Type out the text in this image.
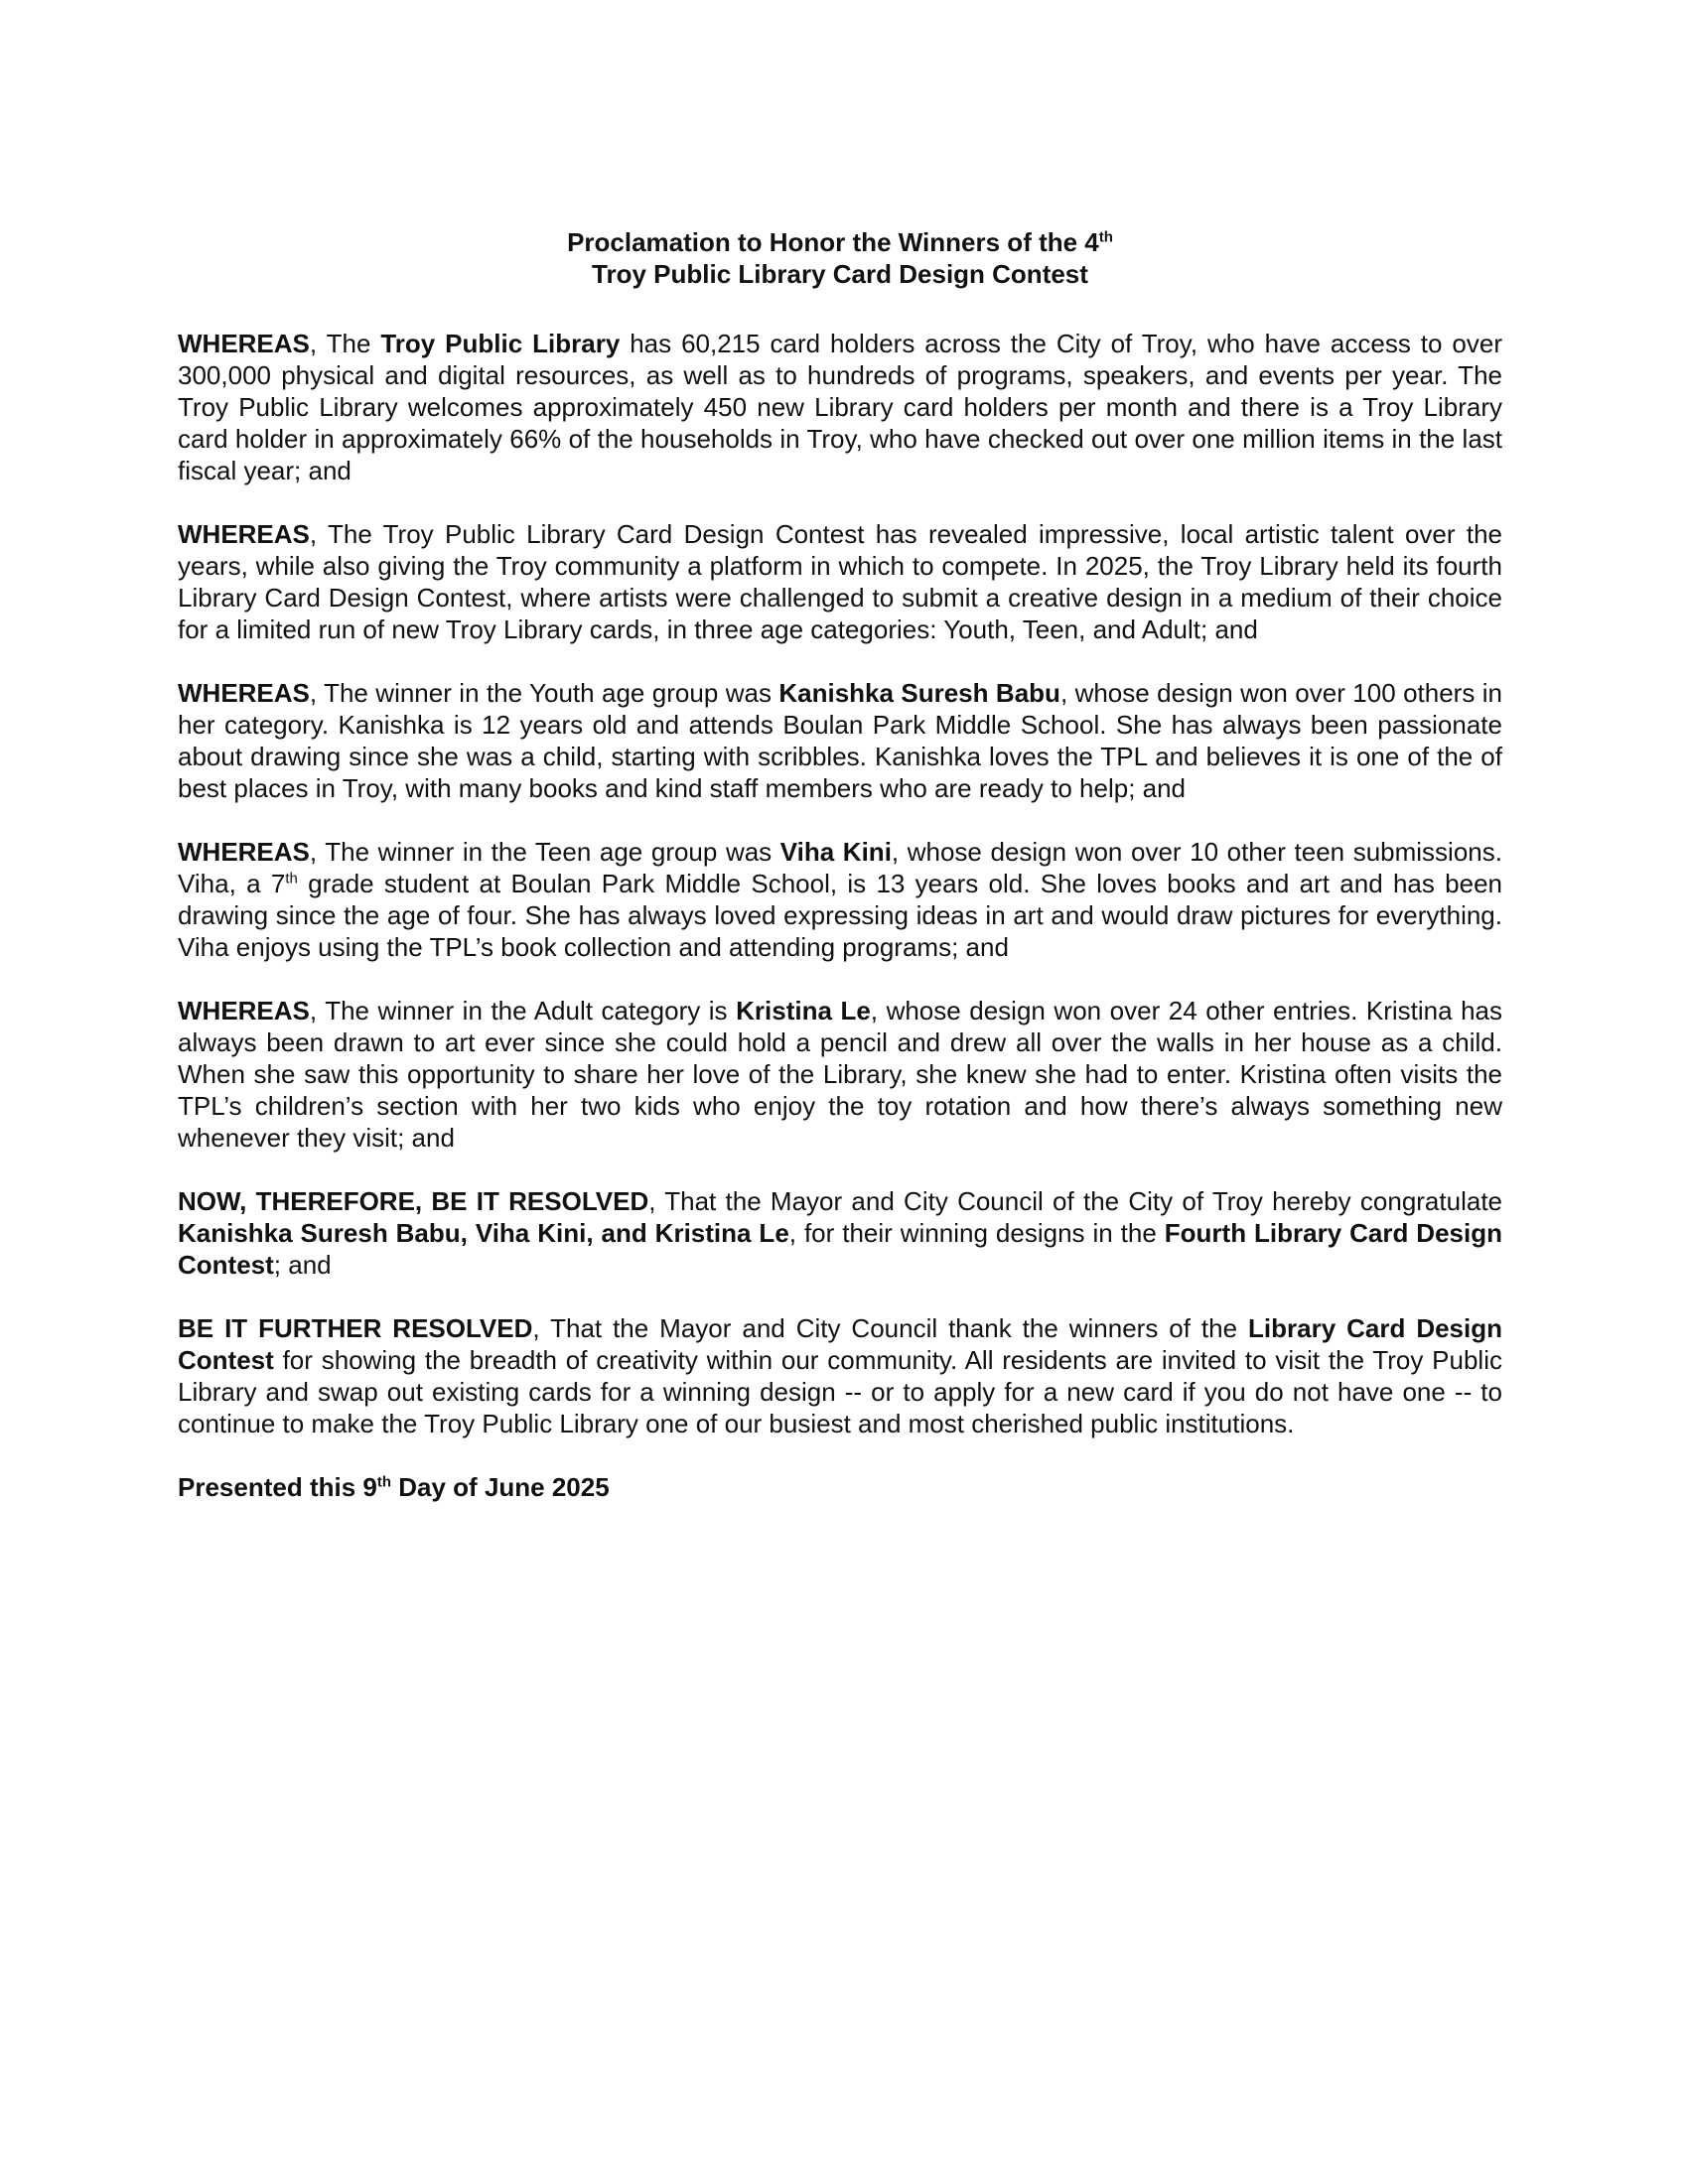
Proclamation to Honor the Winners of the 4th
Troy Public Library Card Design Contest

WHEREAS, The Troy Public Library has 60,215 card holders across the City of Troy, who have access to over 300,000 physical and digital resources, as well as to hundreds of programs, speakers, and events per year. The Troy Public Library welcomes approximately 450 new Library card holders per month and there is a Troy Library card holder in approximately 66% of the households in Troy, who have checked out over one million items in the last fiscal year; and

WHEREAS, The Troy Public Library Card Design Contest has revealed impressive, local artistic talent over the years, while also giving the Troy community a platform in which to compete. In 2025, the Troy Library held its fourth Library Card Design Contest, where artists were challenged to submit a creative design in a medium of their choice for a limited run of new Troy Library cards, in three age categories: Youth, Teen, and Adult; and

WHEREAS, The winner in the Youth age group was Kanishka Suresh Babu, whose design won over 100 others in her category. Kanishka is 12 years old and attends Boulan Park Middle School. She has always been passionate about drawing since she was a child, starting with scribbles. Kanishka loves the TPL and believes it is one of the of best places in Troy, with many books and kind staff members who are ready to help; and

WHEREAS, The winner in the Teen age group was Viha Kini, whose design won over 10 other teen submissions. Viha, a 7th grade student at Boulan Park Middle School, is 13 years old. She loves books and art and has been drawing since the age of four. She has always loved expressing ideas in art and would draw pictures for everything. Viha enjoys using the TPL’s book collection and attending programs; and

WHEREAS, The winner in the Adult category is Kristina Le, whose design won over 24 other entries. Kristina has always been drawn to art ever since she could hold a pencil and drew all over the walls in her house as a child. When she saw this opportunity to share her love of the Library, she knew she had to enter. Kristina often visits the TPL’s children’s section with her two kids who enjoy the toy rotation and how there’s always something new whenever they visit; and

NOW, THEREFORE, BE IT RESOLVED, That the Mayor and City Council of the City of Troy hereby congratulate Kanishka Suresh Babu, Viha Kini, and Kristina Le, for their winning designs in the Fourth Library Card Design Contest; and

BE IT FURTHER RESOLVED, That the Mayor and City Council thank the winners of the Library Card Design Contest for showing the breadth of creativity within our community. All residents are invited to visit the Troy Public Library and swap out existing cards for a winning design -- or to apply for a new card if you do not have one -- to continue to make the Troy Public Library one of our busiest and most cherished public institutions.

Presented this 9th Day of June 2025
